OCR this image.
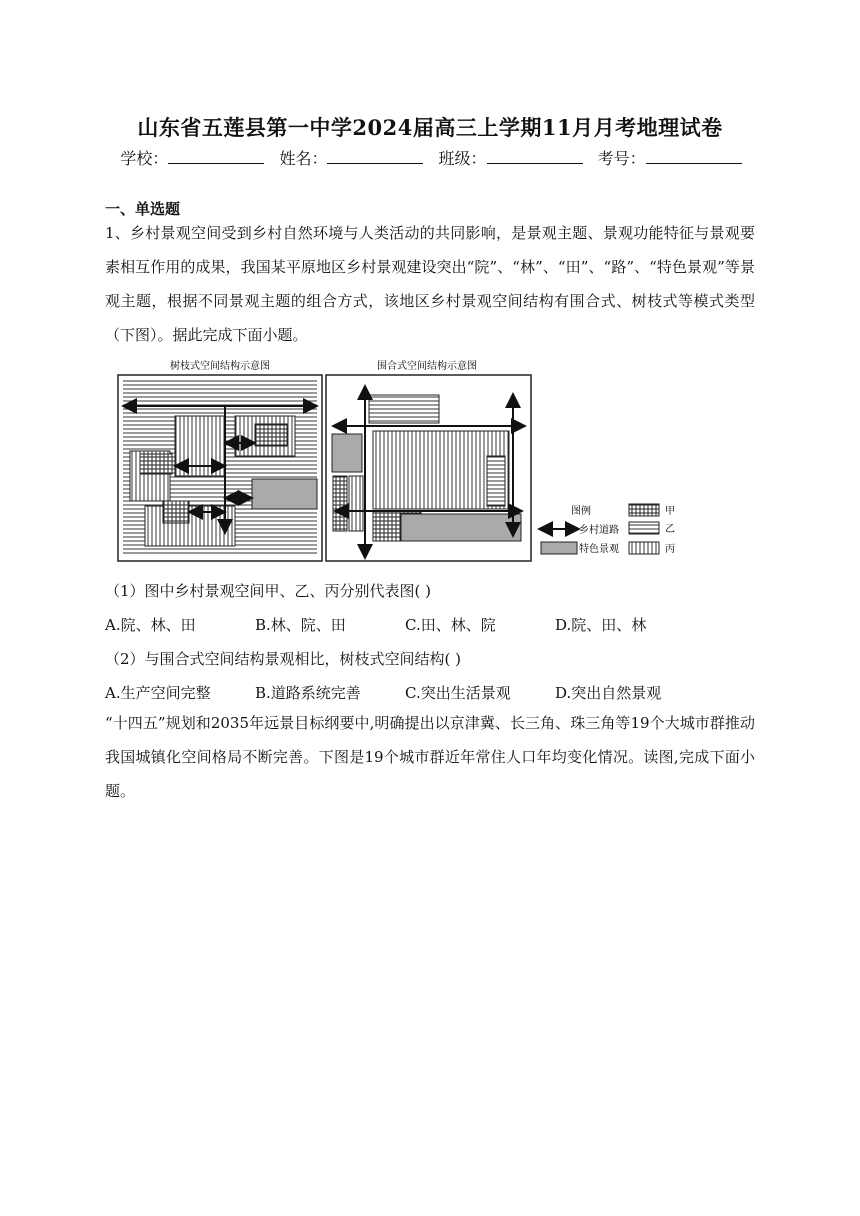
山东省五莲县第一中学2024届高三上学期11月月考地理试卷
学校：	姓名：	班级：	考号：
一、单选题
1、乡村景观空间受到乡村自然环境与人类活动的共同影响，是景观主题、景观功能特征与景观要素相互作用的成果，我国某平原地区乡村景观建设突出“院”、“林”、“田”、“路”、“特色景观”等景观主题，根据不同景观主题的组合方式，该地区乡村景观空间结构有围合式、树枝式等模式类型（下图）。据此完成下面小题。
树枝式空间结构示意图	围合式空间结构示意图
图例	甲
乡村道路	乙
特色景观	丙
（1）图中乡村景观空间甲、乙、丙分别代表图( )
A.院、林、田	B.林、院、田	C.田、林、院	D.院、田、林
（2）与围合式空间结构景观相比，树枝式空间结构( )
A.生产空间完整	B.道路系统完善	C.突出生活景观	D.突出自然景观
“十四五”规划和2035年远景目标纲要中,明确提出以京津冀、长三角、珠三角等19个大城市群推动我国城镇化空间格局不断完善。下图是19个城市群近年常住人口年均变化情况。读图,完成下面小题。
